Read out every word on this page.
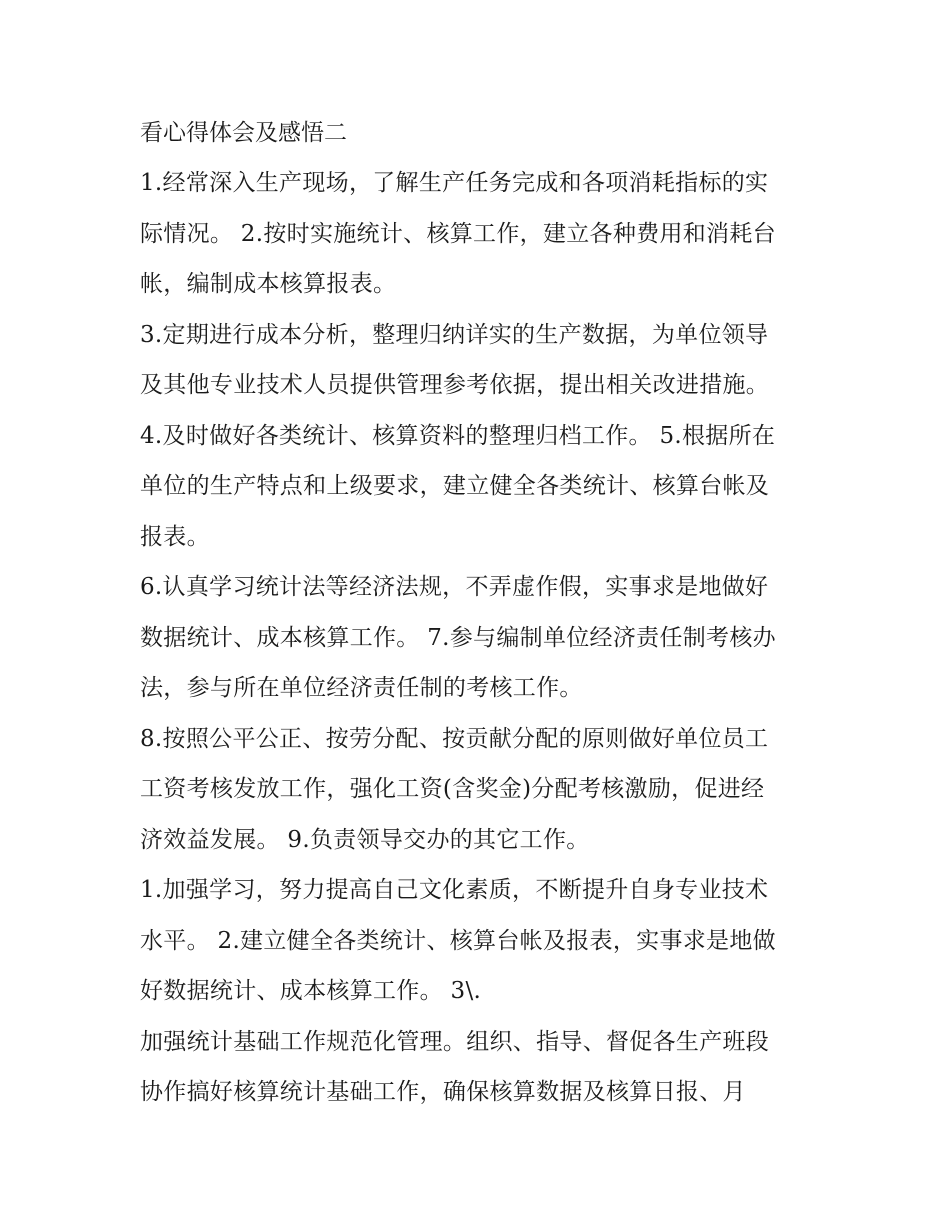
看心得体会及感悟二
1.经常深入生产现场，了解生产任务完成和各项消耗指标的实
际情况。 2.按时实施统计、核算工作，建立各种费用和消耗台
帐，编制成本核算报表。
3.定期进行成本分析，整理归纳详实的生产数据，为单位领导
及其他专业技术人员提供管理参考依据，提出相关改进措施。
4.及时做好各类统计、核算资料的整理归档工作。 5.根据所在
单位的生产特点和上级要求，建立健全各类统计、核算台帐及
报表。
6.认真学习统计法等经济法规，不弄虚作假，实事求是地做好
数据统计、成本核算工作。 7.参与编制单位经济责任制考核办
法，参与所在单位经济责任制的考核工作。
8.按照公平公正、按劳分配、按贡献分配的原则做好单位员工
工资考核发放工作，强化工资(含奖金)分配考核激励，促进经
济效益发展。 9.负责领导交办的其它工作。
1.加强学习，努力提高自己文化素质，不断提升自身专业技术
水平。 2.建立健全各类统计、核算台帐及报表，实事求是地做
好数据统计、成本核算工作。 3\.
加强统计基础工作规范化管理。组织、指导、督促各生产班段
协作搞好核算统计基础工作，确保核算数据及核算日报、月
